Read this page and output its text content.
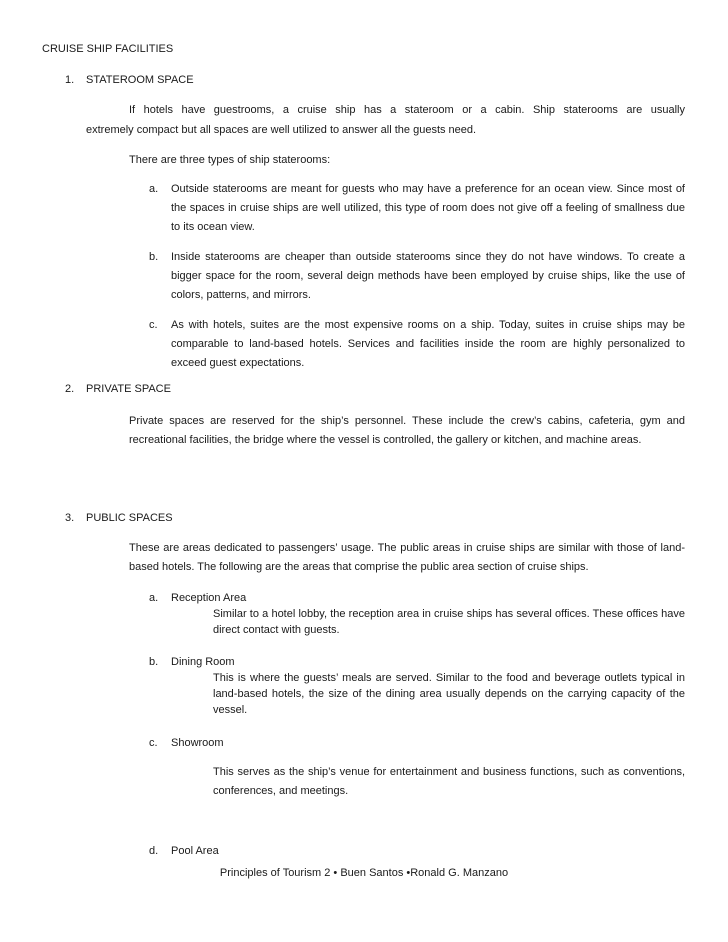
CRUISE SHIP FACILITIES

1. STATEROOM SPACE

If hotels have guestrooms, a cruise ship has a stateroom or a cabin. Ship staterooms are usually

extremely compact but all spaces are well utilized to answer all the guests need.

There are three types of ship staterooms:

a. Outside staterooms are meant for guests who may have a preference for an ocean view. Since most of the spaces in cruise ships are well utilized, this type of room does not give off a feeling of smallness due to its ocean view.

b. Inside staterooms are cheaper than outside staterooms since they do not have windows. To create a bigger space for the room, several deign methods have been employed by cruise ships, like the use of colors, patterns, and mirrors.

c. As with hotels, suites are the most expensive rooms on a ship. Today, suites in cruise ships may be comparable to land-based hotels. Services and facilities inside the room are highly personalized to exceed guest expectations.

2. PRIVATE SPACE

Private spaces are reserved for the ship’s personnel. These include the crew’s cabins, cafeteria, gym and recreational facilities, the bridge where the vessel is controlled, the gallery or kitchen, and machine areas.

3. PUBLIC SPACES

These are areas dedicated to passengers’ usage. The public areas in cruise ships are similar with those of land-based hotels. The following are the areas that comprise the public area section of cruise ships.

a. Reception Area

Similar to a hotel lobby, the reception area in cruise ships has several offices. These offices have direct contact with guests.

b. Dining Room

This is where the guests’ meals are served. Similar to the food and beverage outlets typical in land-based hotels, the size of the dining area usually depends on the carrying capacity of the vessel.

c. Showroom

This serves as the ship’s venue for entertainment and business functions, such as conventions, conferences, and meetings.

d. Pool Area

Principles of Tourism 2 • Buen Santos •Ronald G. Manzano
